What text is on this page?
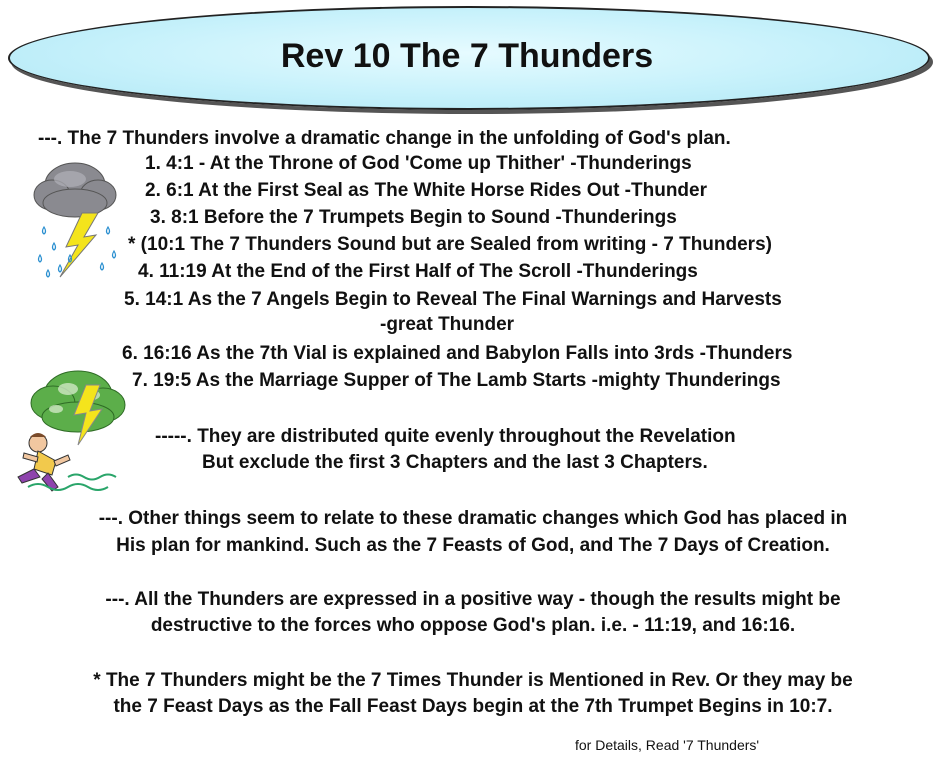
Rev 10 The 7 Thunders
---. The 7 Thunders involve a dramatic change in the unfolding of God's plan.
1. 4:1 - At the Throne of God 'Come up Thither' -Thunderings
2. 6:1 At the First Seal as The White Horse Rides Out -Thunder
3. 8:1 Before the 7 Trumpets Begin to Sound -Thunderings
* (10:1 The 7 Thunders Sound but are Sealed from writing - 7 Thunders)
4. 11:19 At the End of the First Half of The Scroll -Thunderings
5. 14:1 As the 7 Angels Begin to Reveal The Final Warnings and Harvests
-great Thunder
6. 16:16 As the 7th Vial is explained and Babylon Falls into 3rds -Thunders
7. 19:5 As the Marriage Supper of The Lamb Starts -mighty Thunderings
-----. They are distributed quite evenly throughout the Revelation
But exclude the first 3 Chapters and the last 3 Chapters.
---. Other things seem to relate to these dramatic changes which God has placed in
His plan for mankind. Such as the 7 Feasts of God, and The 7 Days of Creation.
---. All the Thunders are expressed in a positive way - though the results might be
destructive to the forces who oppose God's plan. i.e. - 11:19, and 16:16.
* The 7 Thunders might be the 7 Times Thunder is Mentioned in Rev. Or they may be
the 7 Feast Days as the Fall Feast Days begin at the 7th Trumpet Begins in 10:7.
for Details, Read '7 Thunders'
